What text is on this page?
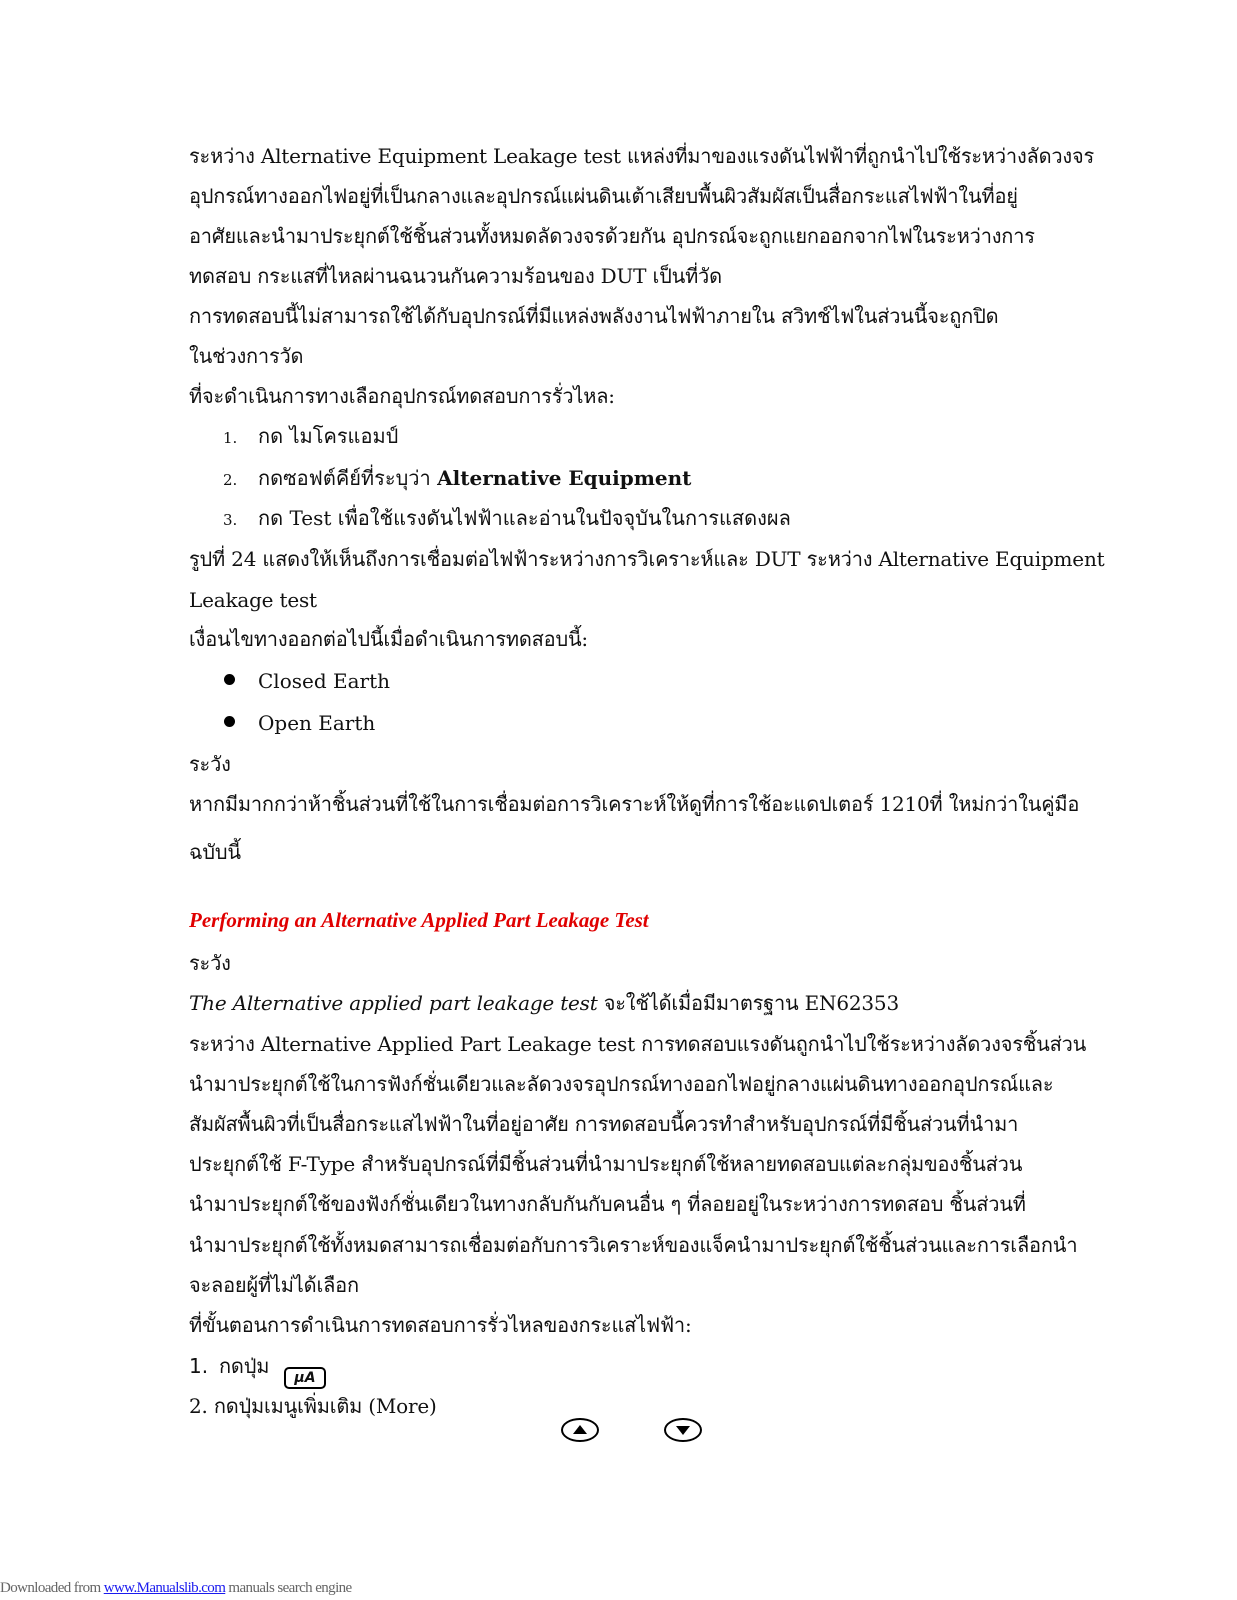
ระหว่าง Alternative Equipment Leakage test แหล่งที่มาของแรงดันไฟฟ้าที่ถูกนำไปใช้ระหว่างลัดวงจร
อุปกรณ์ทางออกไฟอยู่ที่เป็นกลางและอุปกรณ์แผ่นดินเต้าเสียบพื้นผิวสัมผัสเป็นสื่อกระแสไฟฟ้าในที่อยู่
อาศัยและนำมาประยุกต์ใช้ชิ้นส่วนทั้งหมดลัดวงจรด้วยกัน อุปกรณ์จะถูกแยกออกจากไฟในระหว่างการ
ทดสอบ กระแสที่ไหลผ่านฉนวนกันความร้อนของ DUT เป็นที่วัด
การทดสอบนี้ไม่สามารถใช้ได้กับอุปกรณ์ที่มีแหล่งพลังงานไฟฟ้าภายใน สวิทช์ไฟในส่วนนี้จะถูกปิด
ในช่วงการวัด
ที่จะดำเนินการทางเลือกอุปกรณ์ทดสอบการรั่วไหล:
1. กด ไมโครแอมป์
2. กดซอฟต์คีย์ที่ระบุว่า Alternative Equipment
3. กด Test เพื่อใช้แรงดันไฟฟ้าและอ่านในปัจจุบันในการแสดงผล
รูปที่ 24 แสดงให้เห็นถึงการเชื่อมต่อไฟฟ้าระหว่างการวิเคราะห์และ DUT ระหว่าง Alternative Equipment
Leakage test
เงื่อนไขทางออกต่อไปนี้เมื่อดำเนินการทดสอบนี้:
Closed Earth
Open Earth
ระวัง
หากมีมากกว่าห้าชิ้นส่วนที่ใช้ในการเชื่อมต่อการวิเคราะห์ให้ดูที่การใช้อะแดปเตอร์ 1210ที่ ใหม่กว่าในคู่มือ
ฉบับนี้
Performing an Alternative Applied Part Leakage Test
ระวัง
The Alternative applied part leakage test จะใช้ได้เมื่อมีมาตรฐาน EN62353
ระหว่าง Alternative Applied Part Leakage test การทดสอบแรงดันถูกนำไปใช้ระหว่างลัดวงจรชิ้นส่วน
นำมาประยุกต์ใช้ในการฟังก์ชั่นเดียวและลัดวงจรอุปกรณ์ทางออกไฟอยู่กลางแผ่นดินทางออกอุปกรณ์และ
สัมผัสพื้นผิวที่เป็นสื่อกระแสไฟฟ้าในที่อยู่อาศัย การทดสอบนี้ควรทำสำหรับอุปกรณ์ที่มีชิ้นส่วนที่นำมา
ประยุกต์ใช้ F-Type สำหรับอุปกรณ์ที่มีชิ้นส่วนที่นำมาประยุกต์ใช้หลายทดสอบแต่ละกลุ่มของชิ้นส่วน
นำมาประยุกต์ใช้ของฟังก์ชั่นเดียวในทางกลับกันกับคนอื่น ๆ ที่ลอยอยู่ในระหว่างการทดสอบ ชิ้นส่วนที่
นำมาประยุกต์ใช้ทั้งหมดสามารถเชื่อมต่อกับการวิเคราะห์ของแจ็คนำมาประยุกต์ใช้ชิ้นส่วนและการเลือกนำ
จะลอยผู้ที่ไม่ได้เลือก
ที่ขั้นตอนการดำเนินการทดสอบการรั่วไหลของกระแสไฟฟ้า:
1. กดปุ่ม	μA
2. กดปุ่มเมนูเพิ่มเติม (More)
Downloaded from www.Manualslib.com manuals search engine
